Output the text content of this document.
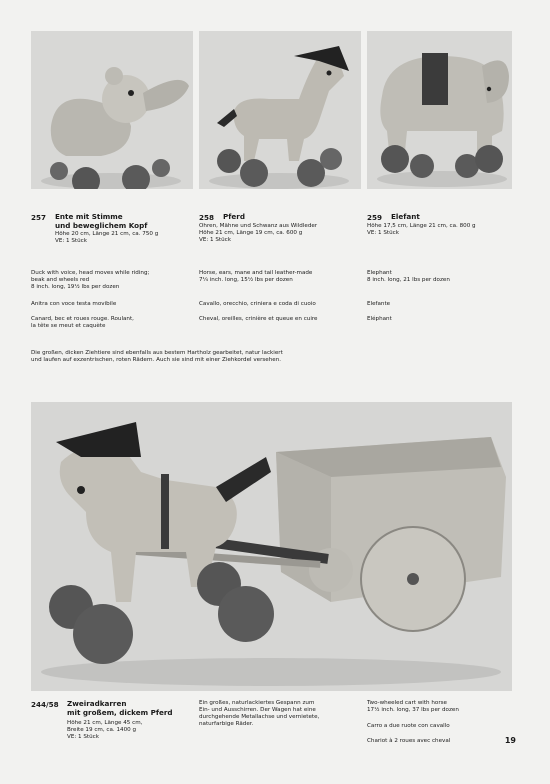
257 Ente mit Stimme
und beweglichem Kopf
Höhe 20 cm, Länge 21 cm, ca. 750 g
VE: 1 Stück
Duck with voice, head moves while riding;
beak and wheels red
8 inch. long, 19¹⁄₂ lbs per dozen
Anitra con voce testa movibile
Canard, bec et roues rouge. Roulant,
la tête se meut et caquète
258 Pferd
Ohren, Mähne und Schwanz aus Wildleder
Höhe 21 cm, Länge 19 cm, ca. 600 g
VE: 1 Stück
Horse, ears, mane and tail leather-made
7¹⁄₄ inch. long, 15¹⁄₂ lbs per dozen
Cavallo, orecchio, criniera e coda di cuoio
Cheval, oreilles, crinière et queue en cuire
259 Elefant
Höhe 17,5 cm, Länge 21 cm, ca. 800 g
VE: 1 Stück
Elephant
8 inch. long, 21 lbs per dozen
Elefante
Eléphant
Die großen, dicken Ziehtiere sind ebenfalls aus bestem Hartholz gearbeitet, natur lackiert
und laufen auf exzentrischen, roten Rädern. Auch sie sind mit einer Ziehkordel versehen.
244/58 Zweiradkarren
mit großem, dickem Pferd
Höhe 21 cm, Länge 45 cm,
Breite 19 cm, ca. 1400 g
VE: 1 Stück
Ein großes, naturlackiertes Gespann zum
Ein- und Ausschirren. Der Wagen hat eine
durchgehende Metallachse und vernietete,
naturfarbige Räder.
Two-wheeled cart with horse
17¹⁄₂ inch. long, 37 lbs per dozen
Carro a due ruote con cavallo
Chariot à 2 roues avec cheval	19
